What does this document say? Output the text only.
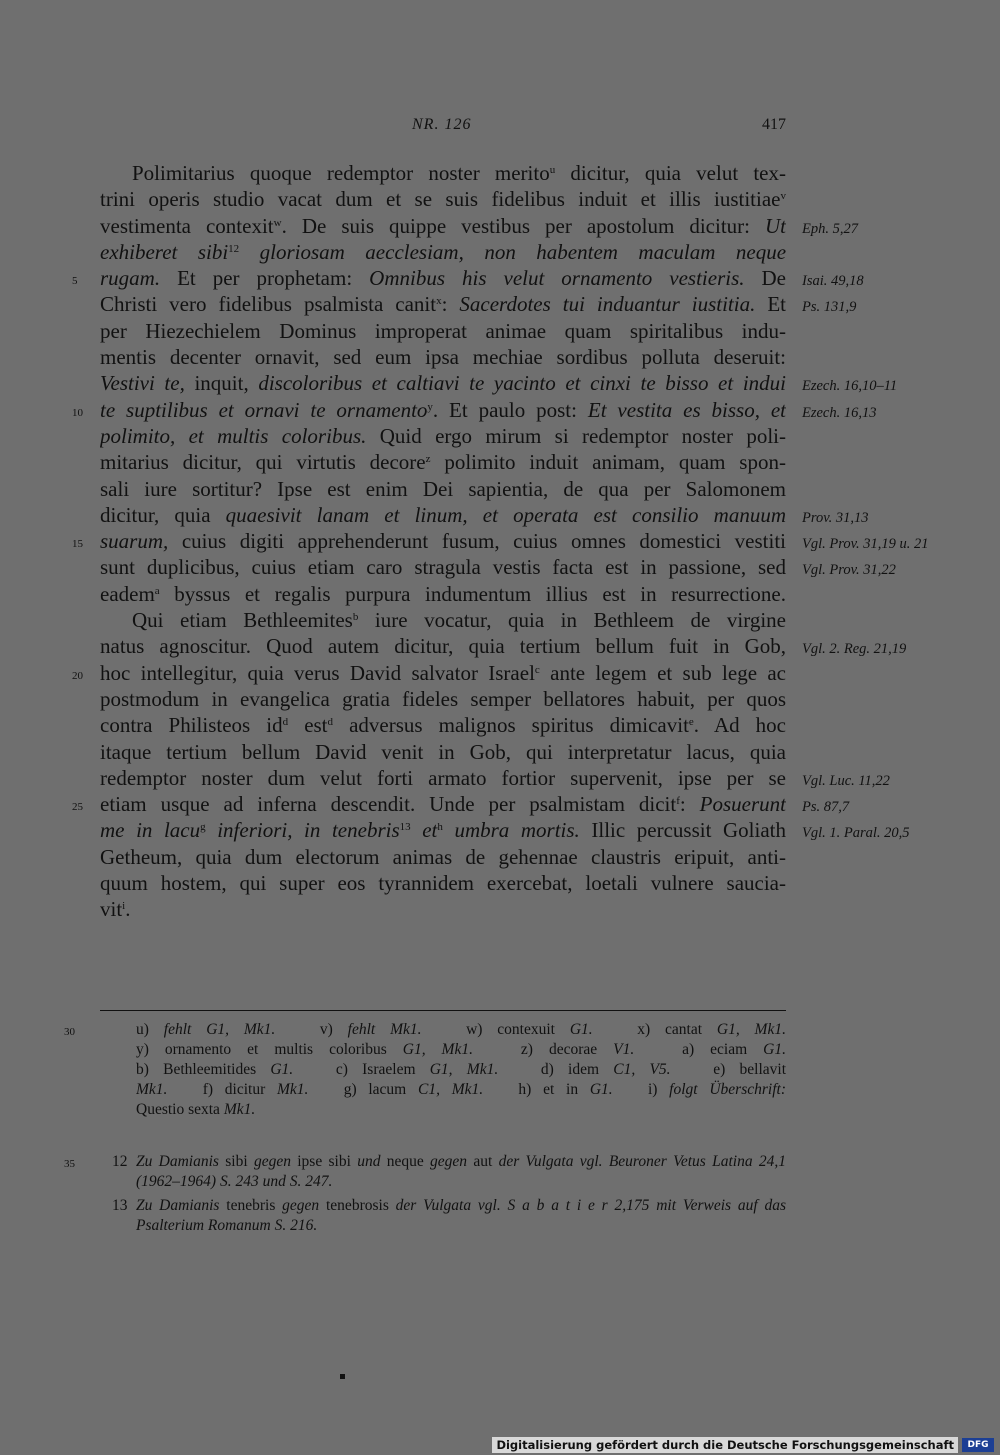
NR. 126	417
Polimitarius quoque redemptor noster merito$^u$ dicitur, quia velut tex-
trini operis studio vacat dum et se suis fidelibus induit et illis iustitiae$^v$
vestimenta contexit$^w$. De suis quippe vestibus per apostolum dicitur: Ut Eph. 5,27
exhiberet sibi$^{12}$ gloriosam aecclesiam, non habentem maculam neque
rugam. Et per prophetam: Omnibus his velut ornamento vestieris. De
5	Isai. 49,18
Christi vero fidelibus psalmista canit$^x$: Sacerdotes tui induantur iustitia. Et Ps. 131,9
per Hiezechielem Dominus improperat animae quam spiritalibus indu-
mentis decenter ornavit, sed eum ipsa mechiae sordibus polluta deseruit:
Vestivi te, inquit, discoloribus et caltiavi te yacinto et cinxi te bisso et indui Ezech. 16,10–11
te suptilibus et ornavi te ornamento$^y$. Et paulo post: Et vestita es bisso, et
10	Ezech. 16,13
polimito, et multis coloribus. Quid ergo mirum si redemptor noster poli-
mitarius dicitur, qui virtutis decore$^z$ polimito induit animam, quam spon-
sali iure sortitur? Ipse est enim Dei sapientia, de qua per Salomonem
dicitur, quia quaesivit lanam et linum, et operata est consilio manuum Prov. 31,13
suarum, cuius digiti apprehenderunt fusum, cuius omnes domestici vestiti
15	Vgl. Prov. 31,19 u. 21
sunt duplicibus, cuius etiam caro stragula vestis facta est in passione, sed Vgl. Prov. 31,22
eadem$^a$ byssus et regalis purpura indumentum illius est in resurrectione.
Qui etiam Bethleemites$^b$ iure vocatur, quia in Bethleem de virgine
natus agnoscitur. Quod autem dicitur, quia tertium bellum fuit in Gob, Vgl. 2. Reg. 21,19
hoc intellegitur, quia verus David salvator Israel$^c$ ante legem et sub lege ac
20
postmodum in evangelica gratia fideles semper bellatores habuit, per quos
contra Philisteos $id^d$ est$^d$ adversus malignos spiritus dimicavit$^e$. Ad hoc
itaque tertium bellum David venit in Gob, qui interpretatur lacus, quia
redemptor noster dum velut forti armato fortior supervenit, ipse per se Vgl. Luc. 11,22
etiam usque ad inferna descendit. Unde per psalmistam dicit$^f$: Posuerunt
25	Ps. 87,7
me in lacu$^g$ inferiori, in tenebris$^{13}$ $et^h$ umbra mortis. Illic percussit Goliath Vgl. 1. Paral. 20,5
Getheum, quia dum electorum animas de gehennae claustris eripuit, anti-
quum hostem, qui super eos tyrannidem exercebat, loetali vulnere saucia-
vit$^i$.
u) fehlt G1, Mk1.   v) fehlt Mk1.   w) contexuit G1.   x) cantat G1, Mk1.
30
y) ornamento et multis coloribus G1, Mk1.   z) decorae V1.   a) eciam G1.
b) Bethleemitides G1.   c) Israelem G1, Mk1.   d) idem C1, V5.   e) bellavit
Mk1.   f) dicitur Mk1.   g) lacum C1, Mk1.   h) et in G1.   i) folgt Überschrift:
Questio sexta Mk1.
12 Zu Damianis sibi gegen ipse sibi und neque gegen aut der Vulgata vgl. Beuroner Vetus Latina 24,1 (1962–1964) S. 243 und S. 247.
35
13 Zu Damianis tenebris gegen tenebrosis der Vulgata vgl. S a b a t i e r 2,175 mit Verweis auf das Psalterium Romanum S. 216.
Digitalisierung gefördert durch die Deutsche Forschungsgemeinschaft	DFG
